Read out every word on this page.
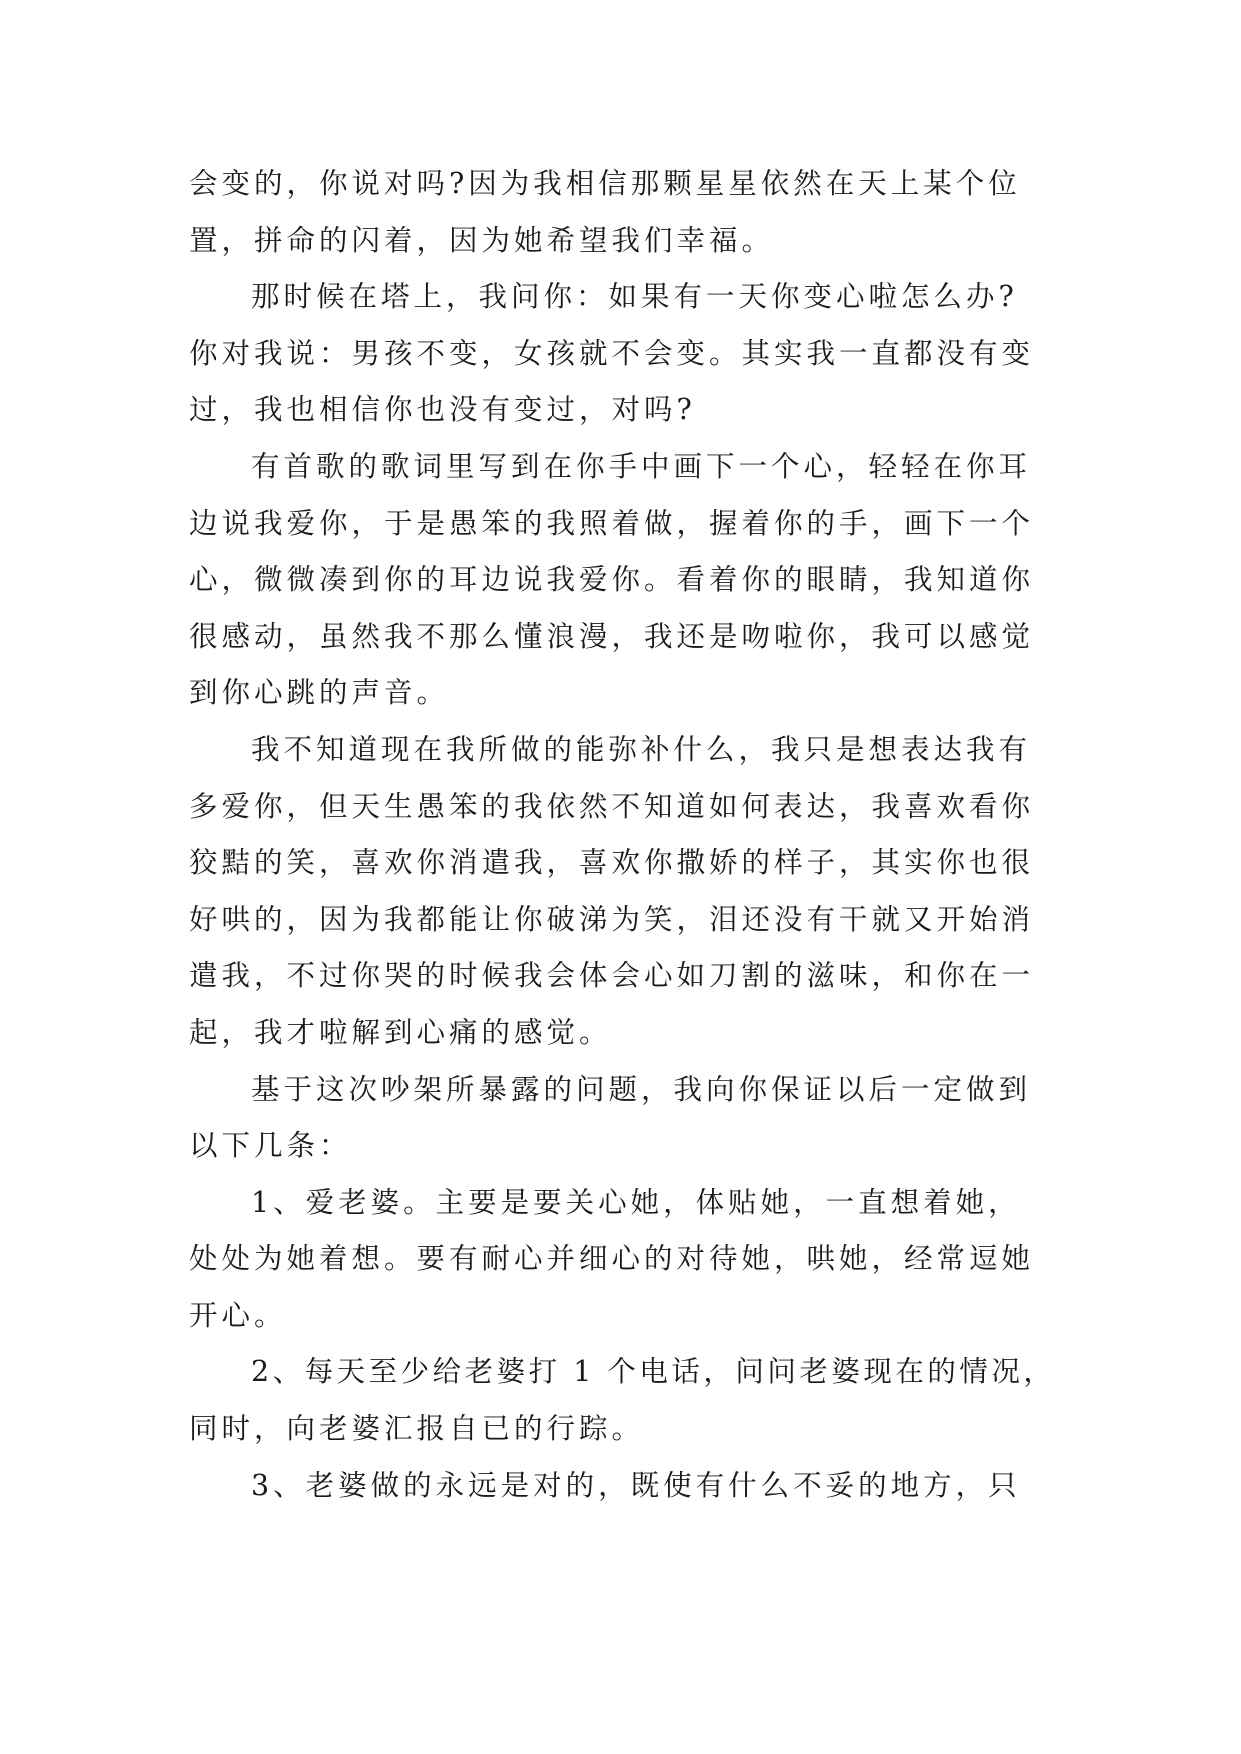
会变的，你说对吗?因为我相信那颗星星依然在天上某个位
置，拼命的闪着，因为她希望我们幸福。
那时候在塔上，我问你：如果有一天你变心啦怎么办?
你对我说：男孩不变，女孩就不会变。其实我一直都没有变
过，我也相信你也没有变过，对吗?
有首歌的歌词里写到在你手中画下一个心，轻轻在你耳
边说我爱你，于是愚笨的我照着做，握着你的手，画下一个
心，微微凑到你的耳边说我爱你。看着你的眼睛，我知道你
很感动，虽然我不那么懂浪漫，我还是吻啦你，我可以感觉
到你心跳的声音。
我不知道现在我所做的能弥补什么，我只是想表达我有
多爱你，但天生愚笨的我依然不知道如何表达，我喜欢看你
狡黠的笑，喜欢你消遣我，喜欢你撒娇的样子，其实你也很
好哄的，因为我都能让你破涕为笑，泪还没有干就又开始消
遣我，不过你哭的时候我会体会心如刀割的滋味，和你在一
起，我才啦解到心痛的感觉。
基于这次吵架所暴露的问题，我向你保证以后一定做到
以下几条：
1、爱老婆。主要是要关心她，体贴她，一直想着她，
处处为她着想。要有耐心并细心的对待她，哄她，经常逗她
开心。
2、每天至少给老婆打 1 个电话，问问老婆现在的情况，
同时，向老婆汇报自已的行踪。
3、老婆做的永远是对的，既使有什么不妥的地方，只
